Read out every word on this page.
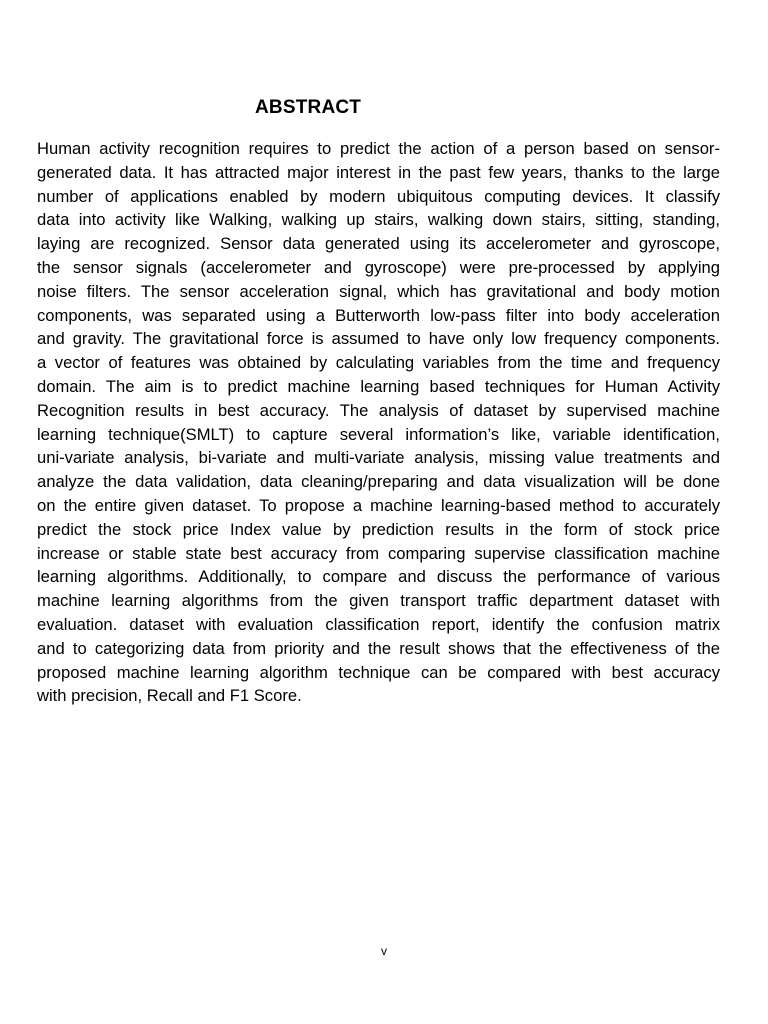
ABSTRACT
Human activity recognition requires to predict the action of a person based on sensor-
generated data. It has attracted major interest in the past few years, thanks to the large
number of applications enabled by modern ubiquitous computing devices. It classify
data into activity like Walking, walking up stairs, walking down stairs, sitting, standing,
laying are recognized. Sensor data generated using its accelerometer and gyroscope,
the sensor signals (accelerometer and gyroscope) were pre-processed by applying
noise filters. The sensor acceleration signal, which has gravitational and body motion
components, was separated using a Butterworth low-pass filter into body acceleration
and gravity. The gravitational force is assumed to have only low frequency components.
a vector of features was obtained by calculating variables from the time and frequency
domain. The aim is to predict machine learning based techniques for Human Activity
Recognition results in best accuracy. The analysis of dataset by supervised machine
learning technique(SMLT) to capture several information’s like, variable identification,
uni-variate analysis, bi-variate and multi-variate analysis, missing value treatments and
analyze the data validation, data cleaning/preparing and data visualization will be done
on the entire given dataset. To propose a machine learning-based method to accurately
predict the stock price Index value by prediction results in the form of stock price
increase or stable state best accuracy from comparing supervise classification machine
learning algorithms. Additionally, to compare and discuss the performance of various
machine learning algorithms from the given transport traffic department dataset with
evaluation. dataset with evaluation classification report, identify the confusion matrix
and to categorizing data from priority and the result shows that the effectiveness of the
proposed machine learning algorithm technique can be compared with best accuracy
with precision, Recall and F1 Score.

v
